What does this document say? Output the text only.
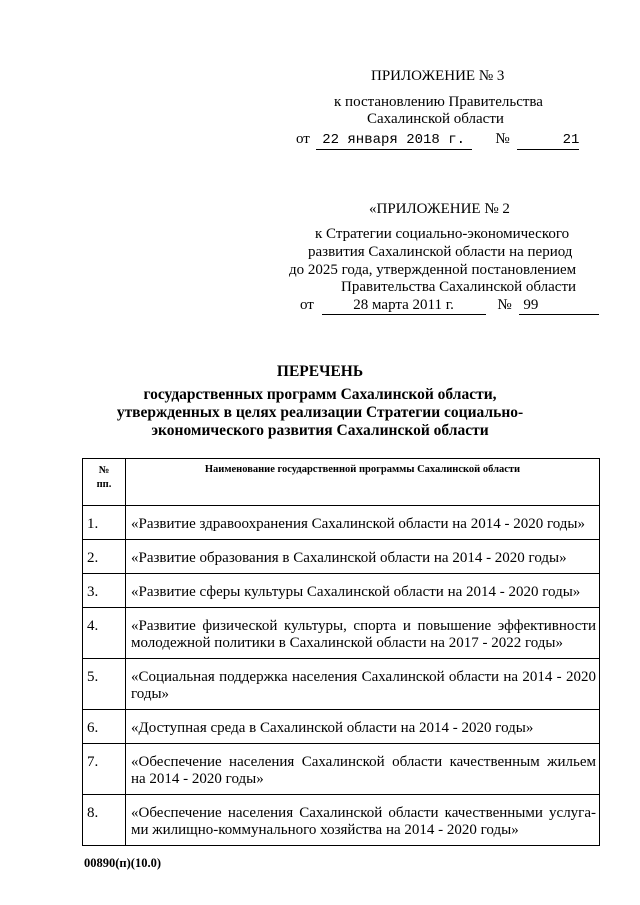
ПРИЛОЖЕНИЕ № 3
к постановлению Правительства
Сахалинской области
от 22 января 2018 г. №	21
«ПРИЛОЖЕНИЕ № 2
к Стратегии социально-экономического
развития Сахалинской области на период
до 2025 года, утвержденной постановлением
Правительства Сахалинской области
от	28 марта 2011 г.	№ 99
ПЕРЕЧЕНЬ
государственных программ Сахалинской области,
утвержденных в целях реализации Стратегии социально-
экономического развития Сахалинской области
№
пп.	Наименование государственной программы Сахалинской области
1.	«Развитие здравоохранения Сахалинской области на 2014 - 2020 годы»
2.	«Развитие образования в Сахалинской области на 2014 - 2020 годы»
3.	«Развитие сферы культуры Сахалинской области на 2014 - 2020 годы»
4.	«Развитие физической культуры, спорта и повышение эффективности молодежной политики в Сахалинской области на 2017 - 2022 годы»
5.	«Социальная поддержка населения Сахалинской области на 2014 - 2020 годы»
6.	«Доступная среда в Сахалинской области на 2014 - 2020 годы»
7.	«Обеспечение населения Сахалинской области качественным жильем на 2014 - 2020 годы»
8.	«Обеспечение населения Сахалинской области качественными услуга-ми жилищно-коммунального хозяйства на 2014 - 2020 годы»
00890(п)(10.0)
